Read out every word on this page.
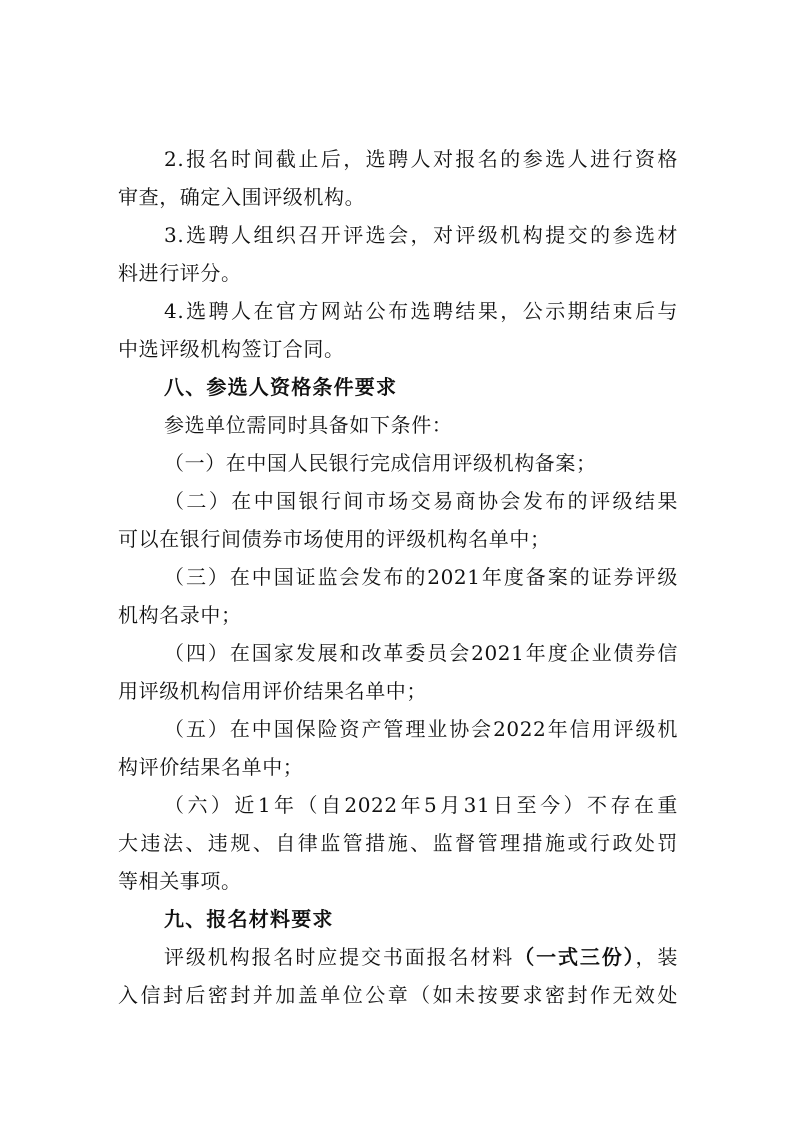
2.报名时间截止后，选聘人对报名的参选人进行资格
审查，确定入围评级机构。
3.选聘人组织召开评选会，对评级机构提交的参选材
料进行评分。
4.选聘人在官方网站公布选聘结果，公示期结束后与
中选评级机构签订合同。
八、参选人资格条件要求
参选单位需同时具备如下条件：
（一）在中国人民银行完成信用评级机构备案；
（二）在中国银行间市场交易商协会发布的评级结果
可以在银行间债券市场使用的评级机构名单中；
（三）在中国证监会发布的2021年度备案的证券评级
机构名录中；
（四）在国家发展和改革委员会2021年度企业债券信
用评级机构信用评价结果名单中；
（五）在中国保险资产管理业协会2022年信用评级机
构评价结果名单中；
（六）近1年（自2022年5月31日至今）不存在重
大违法、违规、自律监管措施、监督管理措施或行政处罚
等相关事项。
九、报名材料要求
评级机构报名时应提交书面报名材料（一式三份），装
入信封后密封并加盖单位公章（如未按要求密封作无效处
